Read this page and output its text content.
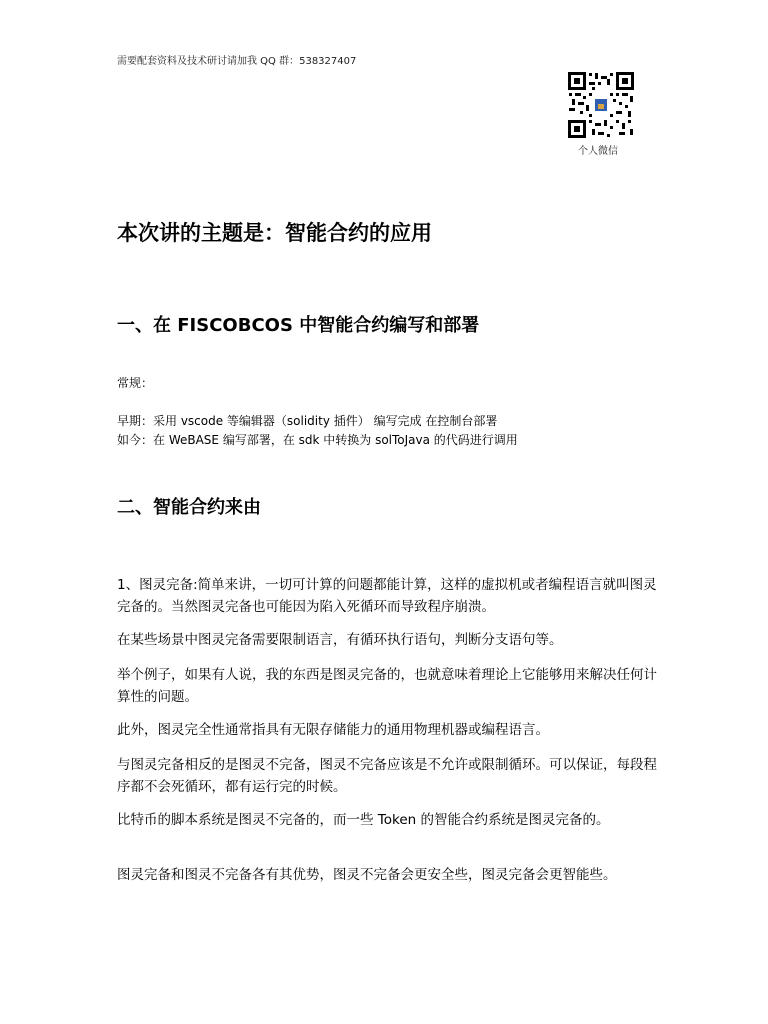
需要配套资料及技术研讨请加我 QQ 群：538327407
个人微信
本次讲的主题是：智能合约的应用
一、在 FISCOBCOS 中智能合约编写和部署
常规：
早期：采用 vscode 等编辑器（solidity 插件） 编写完成 在控制台部署
如今：在 WeBASE 编写部署，在 sdk 中转换为 solToJava 的代码进行调用
二、智能合约来由

1、图灵完备:简单来讲，一切可计算的问题都能计算，这样的虚拟机或者编程语言就叫图灵完备的。当然图灵完备也可能因为陷入死循环而导致程序崩溃。

在某些场景中图灵完备需要限制语言，有循环执行语句，判断分支语句等。

举个例子，如果有人说，我的东西是图灵完备的，也就意味着理论上它能够用来解决任何计算性的问题。

此外，图灵完全性通常指具有无限存储能力的通用物理机器或编程语言。

与图灵完备相反的是图灵不完备，图灵不完备应该是不允许或限制循环。可以保证，每段程序都不会死循环，都有运行完的时候。

比特币的脚本系统是图灵不完备的，而一些 Token 的智能合约系统是图灵完备的。

图灵完备和图灵不完备各有其优势，图灵不完备会更安全些，图灵完备会更智能些。
